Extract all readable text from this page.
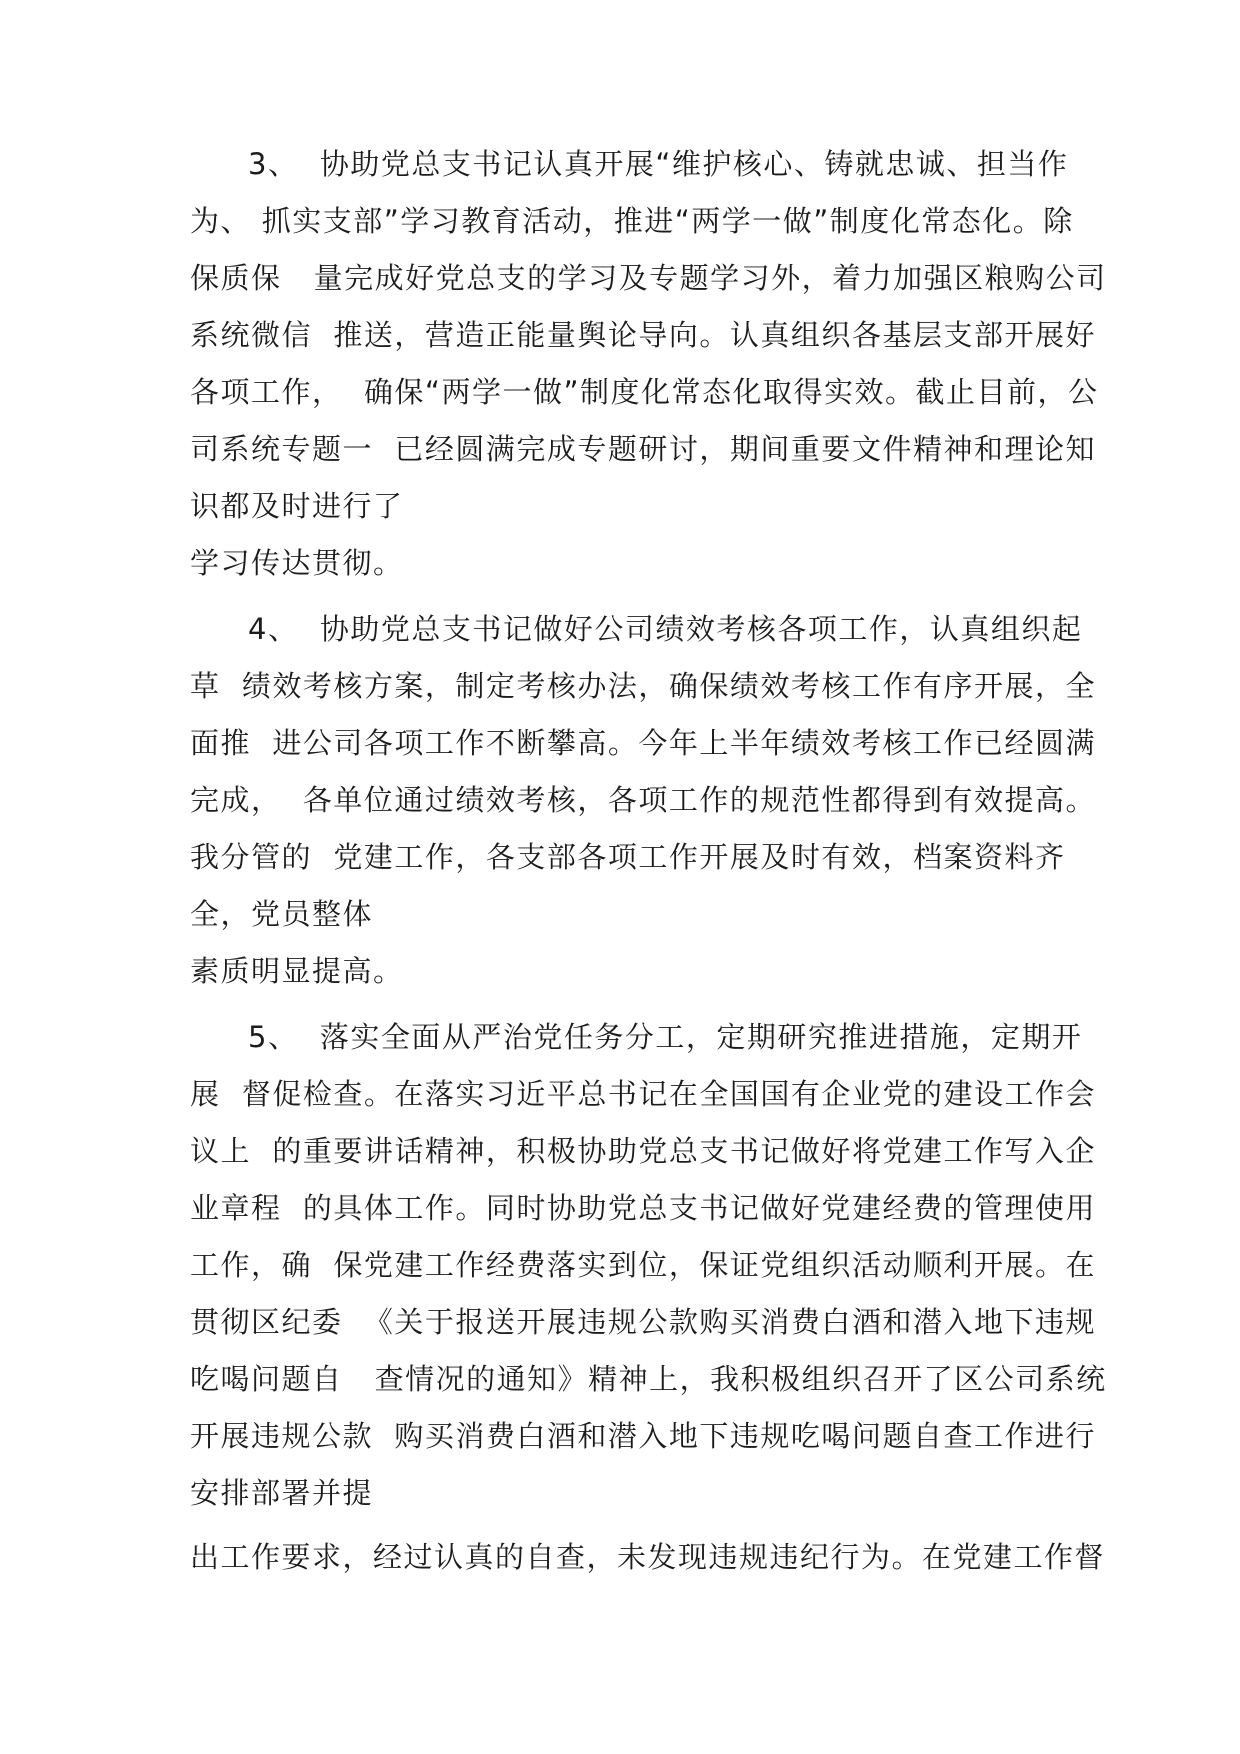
3、  协助党总支书记认真开展“维护核心、铸就忠诚、担当作

为、 抓实支部”学习教育活动，推进“两学一做”制度化常态化。除

保质保   量完成好党总支的学习及专题学习外，着力加强区粮购公司

系统微信  推送，营造正能量舆论导向。认真组织各基层支部开展好

各项工作，  确保“两学一做”制度化常态化取得实效。截止目前，公

司系统专题一  已经圆满完成专题研讨，期间重要文件精神和理论知

识都及时进行了

学习传达贯彻。

4、  协助党总支书记做好公司绩效考核各项工作，认真组织起

草  绩效考核方案，制定考核办法，确保绩效考核工作有序开展，全

面推  进公司各项工作不断攀高。今年上半年绩效考核工作已经圆满

完成，  各单位通过绩效考核，各项工作的规范性都得到有效提高。

我分管的  党建工作，各支部各项工作开展及时有效，档案资料齐

全，党员整体

素质明显提高。

5、  落实全面从严治党任务分工，定期研究推进措施，定期开

展  督促检查。在落实习近平总书记在全国国有企业党的建设工作会

议上  的重要讲话精神，积极协助党总支书记做好将党建工作写入企

业章程  的具体工作。同时协助党总支书记做好党建经费的管理使用

工作，确  保党建工作经费落实到位，保证党组织活动顺利开展。在

贯彻区纪委  《关于报送开展违规公款购买消费白酒和潜入地下违规

吃喝问题自   查情况的通知》精神上，我积极组织召开了区公司系统

开展违规公款  购买消费白酒和潜入地下违规吃喝问题自查工作进行

安排部署并提

出工作要求，经过认真的自查，未发现违规违纪行为。在党建工作督
